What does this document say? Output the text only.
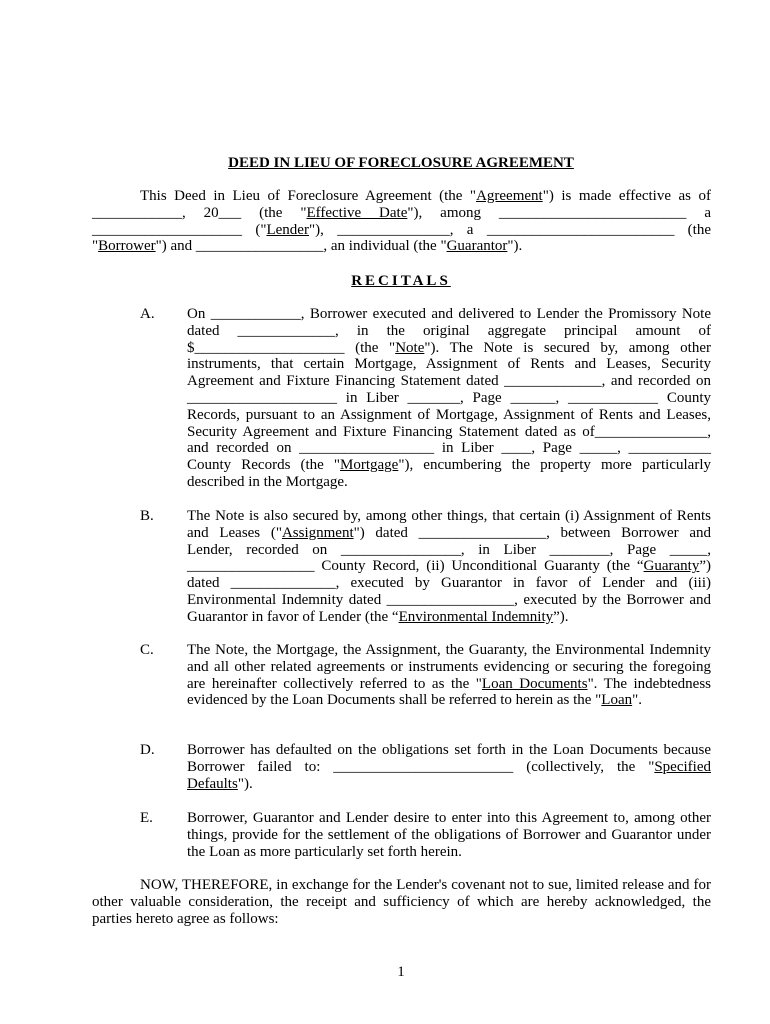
DEED IN LIEU OF FORECLOSURE AGREEMENT

This Deed in Lieu of Foreclosure Agreement (the "Agreement") is made effective as of ____________, 20___ (the "Effective Date"), among _________________________ a ____________________ ("Lender"), _______________, a _________________________ (the "Borrower") and _________________, an individual (the "Guarantor").

RECITALS
A. On ____________, Borrower executed and delivered to Lender the Promissory Note dated _____________, in the original aggregate principal amount of $____________________ (the "Note"). The Note is secured by, among other instruments, that certain Mortgage, Assignment of Rents and Leases, Security Agreement and Fixture Financing Statement dated _____________, and recorded on ____________________ in Liber _______, Page ______, ____________ County Records, pursuant to an Assignment of Mortgage, Assignment of Rents and Leases, Security Agreement and Fixture Financing Statement dated as of_______________, and recorded on __________________ in Liber ____, Page _____, ___________ County Records (the "Mortgage"), encumbering the property more particularly described in the Mortgage.

B. The Note is also secured by, among other things, that certain (i) Assignment of Rents and Leases ("Assignment") dated _________________, between Borrower and Lender, recorded on ________________, in Liber ________, Page _____, _________________ County Record, (ii) Unconditional Guaranty (the “Guaranty”) dated ______________, executed by Guarantor in favor of Lender and (iii) Environmental Indemnity dated _________________, executed by the Borrower and Guarantor in favor of Lender (the “Environmental Indemnity”).

C. The Note, the Mortgage, the Assignment, the Guaranty, the Environmental Indemnity and all other related agreements or instruments evidencing or securing the foregoing are hereinafter collectively referred to as the "Loan Documents". The indebtedness evidenced by the Loan Documents shall be referred to herein as the "Loan".

D. Borrower has defaulted on the obligations set forth in the Loan Documents because Borrower failed to: ________________________ (collectively, the "Specified Defaults").

E. Borrower, Guarantor and Lender desire to enter into this Agreement to, among other things, provide for the settlement of the obligations of Borrower and Guarantor under the Loan as more particularly set forth herein.

NOW, THEREFORE, in exchange for the Lender's covenant not to sue, limited release and for other valuable consideration, the receipt and sufficiency of which are hereby acknowledged, the parties hereto agree as follows:

1
